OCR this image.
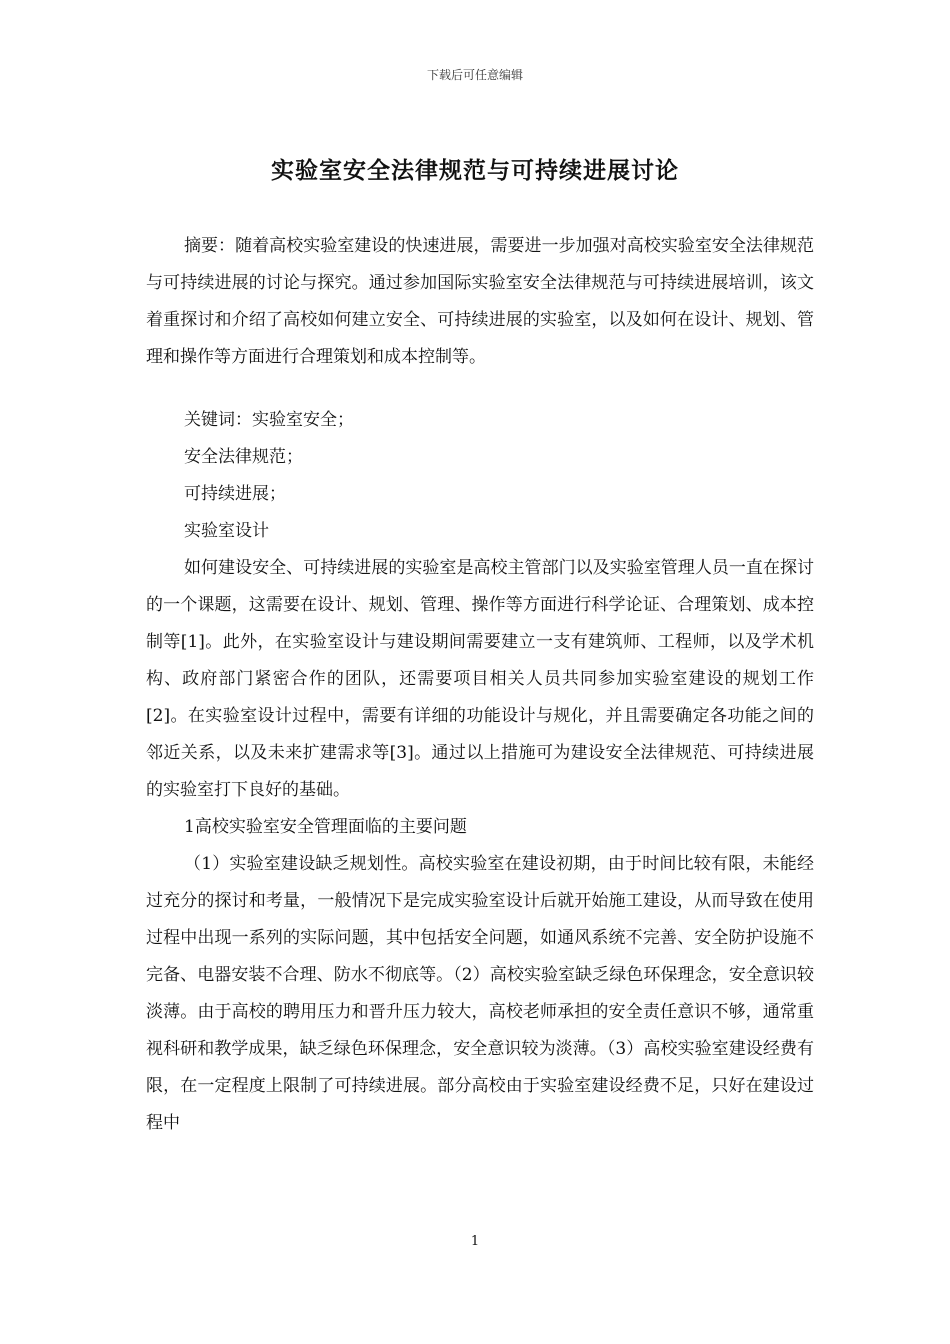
下载后可任意编辑
实验室安全法律规范与可持续进展讨论

摘要：随着高校实验室建设的快速进展，需要进一步加强对高校实验室安全法律规范与可持续进展的讨论与探究。通过参加国际实验室安全法律规范与可持续进展培训，该文着重探讨和介绍了高校如何建立安全、可持续进展的实验室，以及如何在设计、规划、管理和操作等方面进行合理策划和成本控制等。

关键词：实验室安全；

安全法律规范；

可持续进展；

实验室设计

如何建设安全、可持续进展的实验室是高校主管部门以及实验室管理人员一直在探讨的一个课题，这需要在设计、规划、管理、操作等方面进行科学论证、合理策划、成本控制等[1]。此外，在实验室设计与建设期间需要建立一支有建筑师、工程师，以及学术机构、政府部门紧密合作的团队，还需要项目相关人员共同参加实验室建设的规划工作[2]。在实验室设计过程中，需要有详细的功能设计与规化，并且需要确定各功能之间的邻近关系，以及未来扩建需求等[3]。通过以上措施可为建设安全法律规范、可持续进展的实验室打下良好的基础。

1高校实验室安全管理面临的主要问题

（1）实验室建设缺乏规划性。高校实验室在建设初期，由于时间比较有限，未能经过充分的探讨和考量，一般情况下是完成实验室设计后就开始施工建设，从而导致在使用过程中出现一系列的实际问题，其中包括安全问题，如通风系统不完善、安全防护设施不完备、电器安装不合理、防水不彻底等。（2）高校实验室缺乏绿色环保理念，安全意识较淡薄。由于高校的聘用压力和晋升压力较大，高校老师承担的安全责任意识不够，通常重视科研和教学成果，缺乏绿色环保理念，安全意识较为淡薄。（3）高校实验室建设经费有限，在一定程度上限制了可持续进展。部分高校由于实验室建设经费不足，只好在建设过程中

1
